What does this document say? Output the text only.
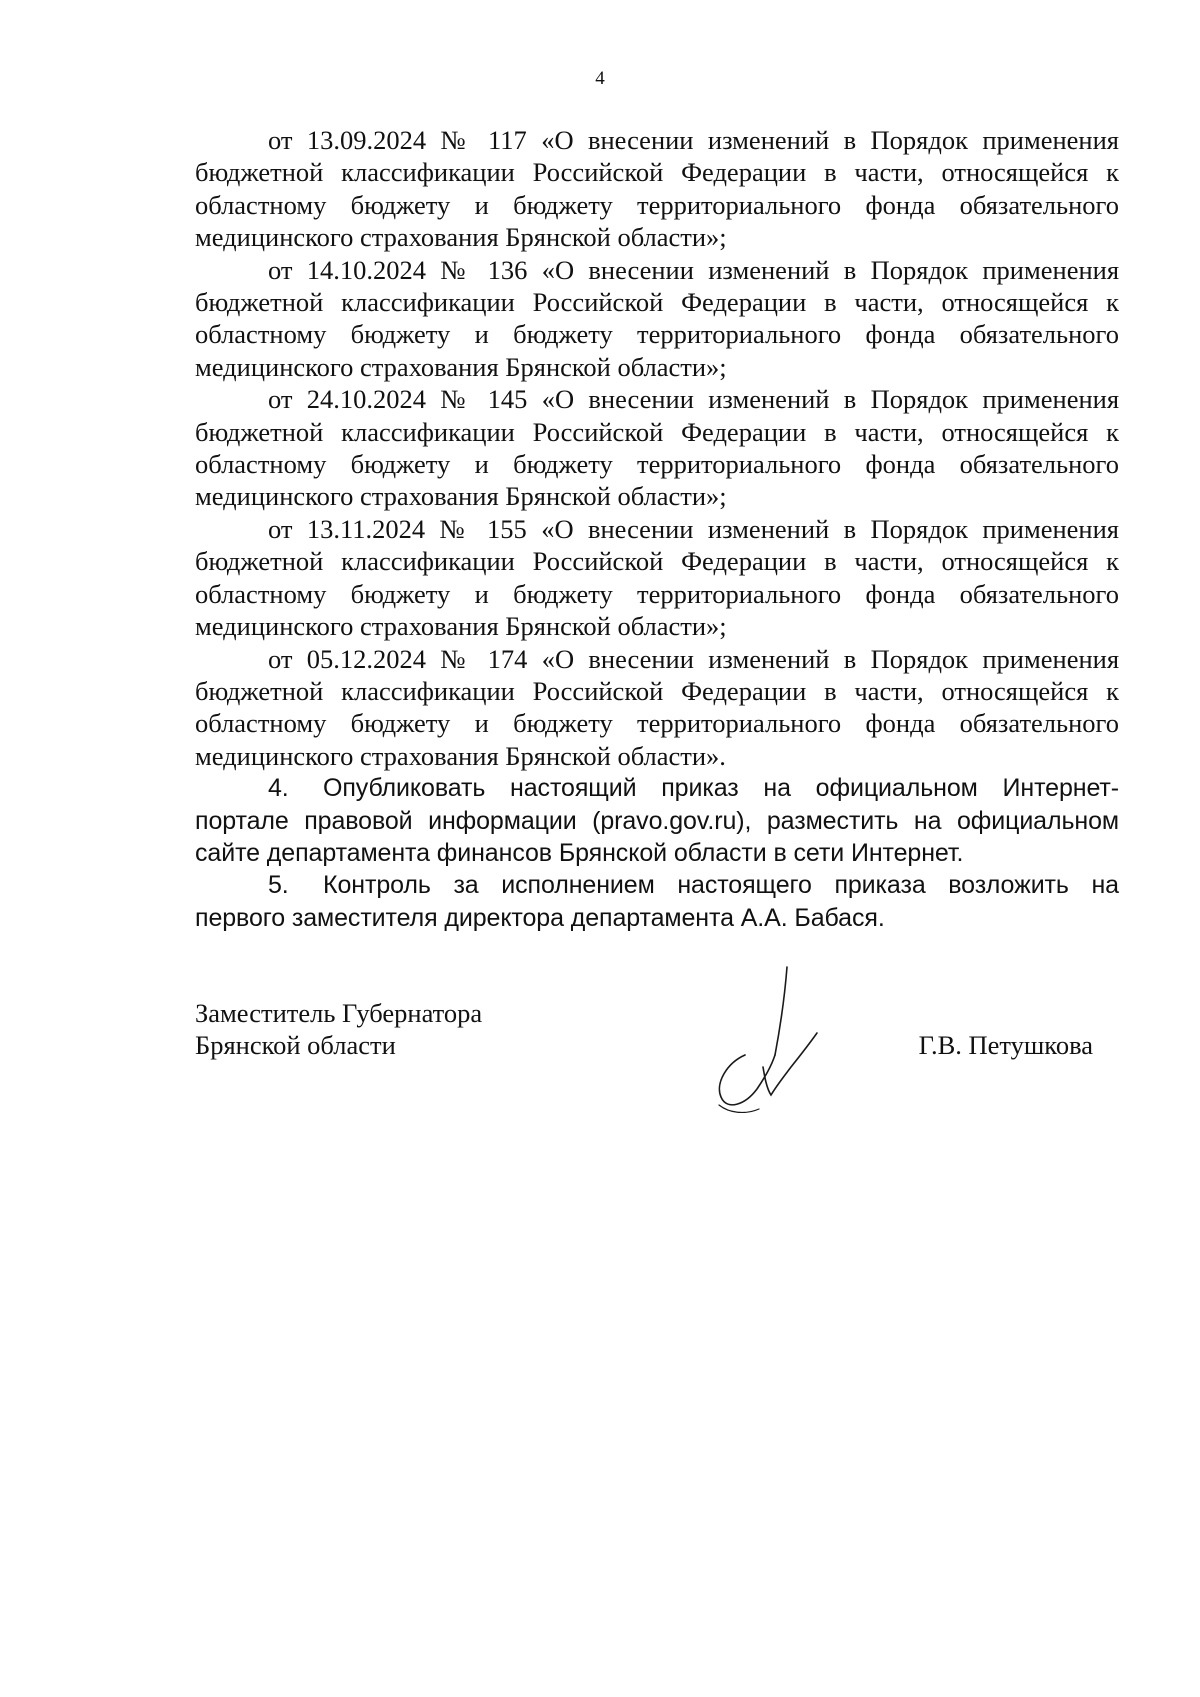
4

от 13.09.2024 № 117 «О внесении изменений в Порядок применения бюджетной классификации Российской Федерации в части, относящейся к областному бюджету и бюджету территориального фонда обязательного медицинского страхования Брянской области»;

от 14.10.2024 № 136 «О внесении изменений в Порядок применения бюджетной классификации Российской Федерации в части, относящейся к областному бюджету и бюджету территориального фонда обязательного медицинского страхования Брянской области»;

от 24.10.2024 № 145 «О внесении изменений в Порядок применения бюджетной классификации Российской Федерации в части, относящейся к областному бюджету и бюджету территориального фонда обязательного медицинского страхования Брянской области»;

от 13.11.2024 № 155 «О внесении изменений в Порядок применения бюджетной классификации Российской Федерации в части, относящейся к областному бюджету и бюджету территориального фонда обязательного медицинского страхования Брянской области»;

от 05.12.2024 № 174 «О внесении изменений в Порядок применения бюджетной классификации Российской Федерации в части, относящейся к областному бюджету и бюджету территориального фонда обязательного медицинского страхования Брянской области».

4. Опубликовать настоящий приказ на официальном Интернет-портале правовой информации (pravo.gov.ru), разместить на официальном сайте департамента финансов Брянской области в сети Интернет.

5. Контроль за исполнением настоящего приказа возложить на первого заместителя директора департамента А.А. Бабася.

Заместитель Губернатора
Брянской области	Г.В. Петушкова
